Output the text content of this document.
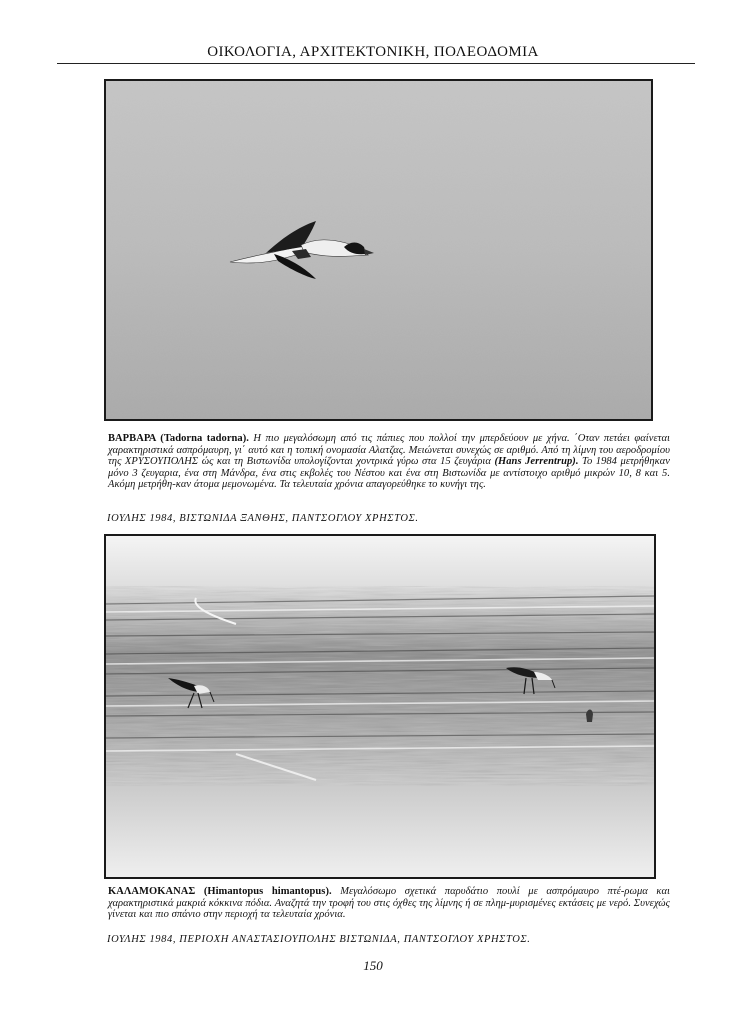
ΟΙΚΟΛΟΓΙΑ, ΑΡΧΙΤΕΚΤΟΝΙΚΗ, ΠΟΛΕΟΔΟΜΙΑ
ΒΑΡΒΑΡΑ (Tadorna tadorna). Η πιο μεγαλόσωμη από τις πάπιες που πολλοί την μπερδεύουν με χήνα. ΄Οταν πετάει φαίνεται χαρακτηριστικά ασπρόμαυρη, γι΄ αυτό και η τοπική ονομασία Αλατζας. Μειώνεται συνεχώς σε αριθμό. Από τη λίμνη του αεροδρομίου της ΧΡΥΣΟΥΠΟΛΗΣ ώς και τη Βιστωνίδα υπολογίζονται χοντρικά γύρω στα 15 ζευγάρια (Hans Jerrentrup). Το 1984 μετρήθηκαν μόνο 3 ζευγαρια, ένα στη Μάνδρα, ένα στις εκβολές του Νέστου και ένα στη Βιστωνίδα με αντίστοιχο αριθμό μικρών 10, 8 και 5. Ακόμη μετρήθη-καν άτομα μεμονωμένα. Τα τελευταία χρόνια απαγορεύθηκε το κυνήγι της.
ΙΟΥΛΗΣ 1984, ΒΙΣΤΩΝΙΔΑ ΞΑΝΘΗΣ, ΠΑΝΤΣΟΓΛΟΥ ΧΡΗΣΤΟΣ.
ΚΑΛΑΜΟΚΑΝΑΣ (Himantopus himantopus). Μεγαλόσωμο σχετικά παρυδάτιο πουλί με ασπρόμαυρο πτέ-ρωμα και χαρακτηριστικά μακριά κόκκινα πόδια. Αναζητά την τροφή του στις όχθες της λίμνης ή σε πλημ-μυρισμένες εκτάσεις με νερό. Συνεχώς γίνεται και πιο σπάνιο στην περιοχή τα τελευταία χρόνια.
ΙΟΥΛΗΣ 1984, ΠΕΡΙΟΧΗ ΑΝΑΣΤΑΣΙΟΥΠΟΛΗΣ ΒΙΣΤΩΝΙΔΑ, ΠΑΝΤΣΟΓΛΟΥ ΧΡΗΣΤΟΣ.
150
